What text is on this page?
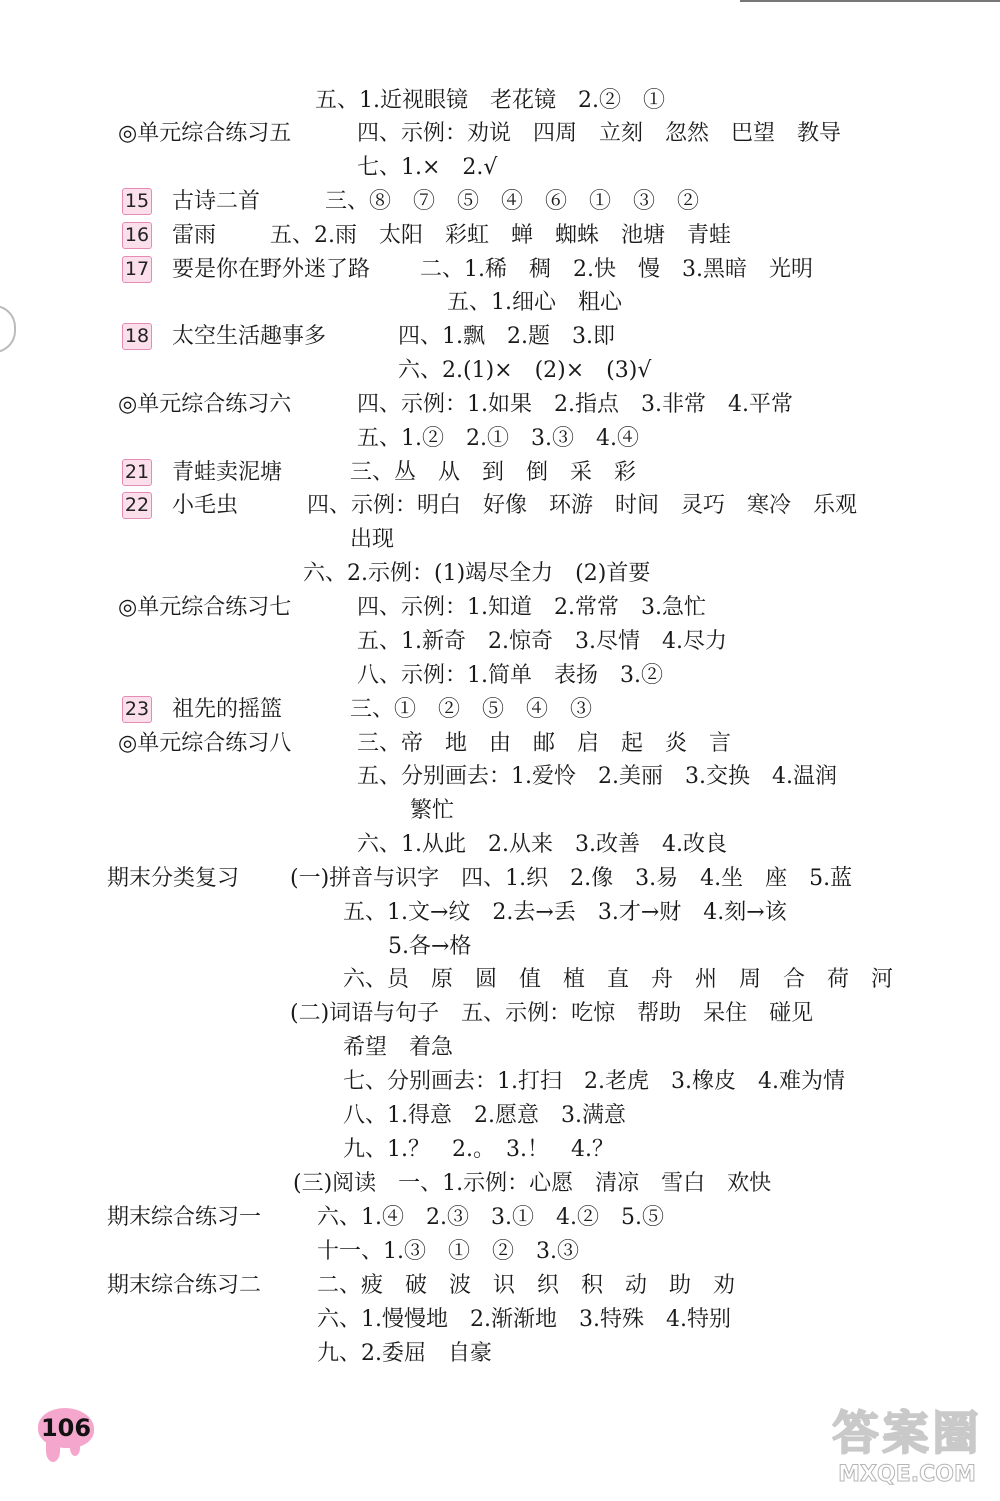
五、1.近视眼镜　老花镜　2.②　①
◎单元综合练习五	四、示例：劝说　四周　立刻　忽然　巴望　教导
七、1.×　2.√
15 古诗二首	三、⑧　⑦　⑤　④　⑥　①　③　②
16 雷雨 五、2.雨　太阳　彩虹　蝉　蜘蛛　池塘　青蛙
17 要是你在野外迷了路 二、1.稀　稠　2.快　慢　3.黑暗　光明
五、1.细心　粗心
18 太空生活趣事多	四、1.飘　2.题　3.即
六、2.(1)×　(2)×　(3)√
◎单元综合练习六	四、示例：1.如果　2.指点　3.非常　4.平常
五、1.②　2.①　3.③　4.④
21 青蛙卖泥塘	三、丛　从　到　倒　采　彩
22 小毛虫	四、示例：明白　好像　环游　时间　灵巧　寒冷　乐观
出现
六、2.示例：(1)竭尽全力　(2)首要
◎单元综合练习七	四、示例：1.知道　2.常常　3.急忙
五、1.新奇　2.惊奇　3.尽情　4.尽力
八、示例：1.简单　表扬　3.②
23 祖先的摇篮	三、①　②　⑤　④　③
◎单元综合练习八	三、帝　地　由　邮　启　起　炎　言
五、分别画去：1.爱怜　2.美丽　3.交换　4.温润
繁忙
六、1.从此　2.从来　3.改善　4.改良
期末分类复习 (一)拼音与识字　四、1.织　2.像　3.易　4.坐　座　5.蓝
五、1.文→纹　2.去→丢　3.才→财　4.刻→该
5.各→格
六、员　原　圆　值　植　直　舟　州　周　合　荷　河
(二)词语与句子　五、示例：吃惊　帮助　呆住　碰见
希望　着急
七、分别画去：1.打扫　2.老虎　3.橡皮　4.难为情
八、1.得意　2.愿意　3.满意
九、1.？　2.。　3.！　4.？
(三)阅读　一、1.示例：心愿　清凉　雪白　欢快
期末综合练习一	六、1.④　2.③　3.①　4.②　5.⑤
十一、1.③　①　②　3.③
期末综合练习二	二、疲　破　波　识　织　积　动　助　劝
六、1.慢慢地　2.渐渐地　3.特殊　4.特别
九、2.委屈　自豪
106	答案圈
MXQE.COM
